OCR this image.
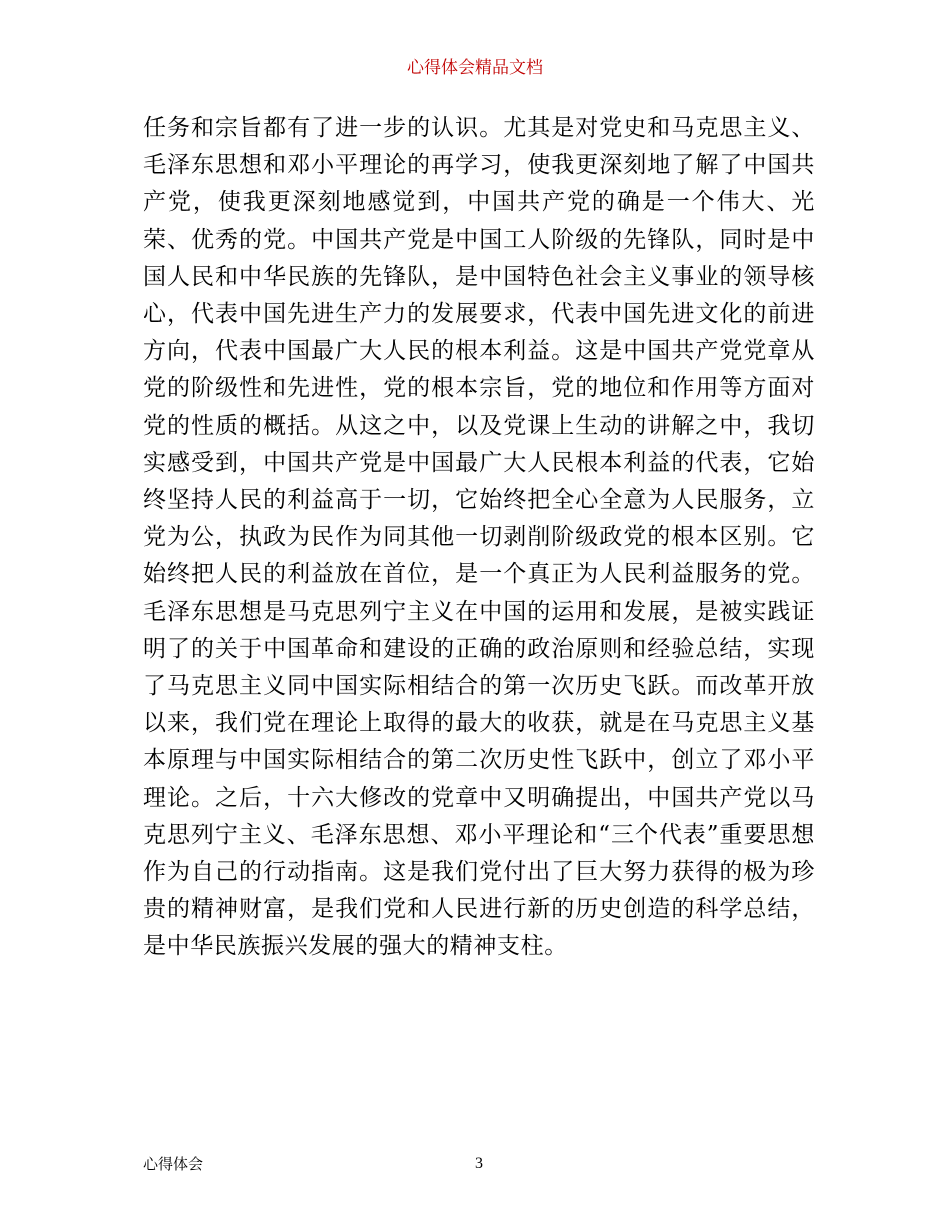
心得体会精品文档

任务和宗旨都有了进一步的认识。尤其是对党史和马克思主义、毛泽东思想和邓小平理论的再学习，使我更深刻地了解了中国共产党，使我更深刻地感觉到，中国共产党的确是一个伟大、光荣、优秀的党。中国共产党是中国工人阶级的先锋队，同时是中国人民和中华民族的先锋队，是中国特色社会主义事业的领导核心，代表中国先进生产力的发展要求，代表中国先进文化的前进方向，代表中国最广大人民的根本利益。这是中国共产党党章从党的阶级性和先进性，党的根本宗旨，党的地位和作用等方面对党的性质的概括。从这之中，以及党课上生动的讲解之中，我切实感受到，中国共产党是中国最广大人民根本利益的代表，它始终坚持人民的利益高于一切，它始终把全心全意为人民服务，立党为公，执政为民作为同其他一切剥削阶级政党的根本区别。它始终把人民的利益放在首位，是一个真正为人民利益服务的党。毛泽东思想是马克思列宁主义在中国的运用和发展，是被实践证明了的关于中国革命和建设的正确的政治原则和经验总结，实现了马克思主义同中国实际相结合的第一次历史飞跃。而改革开放以来，我们党在理论上取得的最大的收获，就是在马克思主义基本原理与中国实际相结合的第二次历史性飞跃中，创立了邓小平理论。之后，十六大修改的党章中又明确提出，中国共产党以马克思列宁主义、毛泽东思想、邓小平理论和“三个代表”重要思想作为自己的行动指南。这是我们党付出了巨大努力获得的极为珍贵的精神财富，是我们党和人民进行新的历史创造的科学总结，是中华民族振兴发展的强大的精神支柱。

心得体会	3
